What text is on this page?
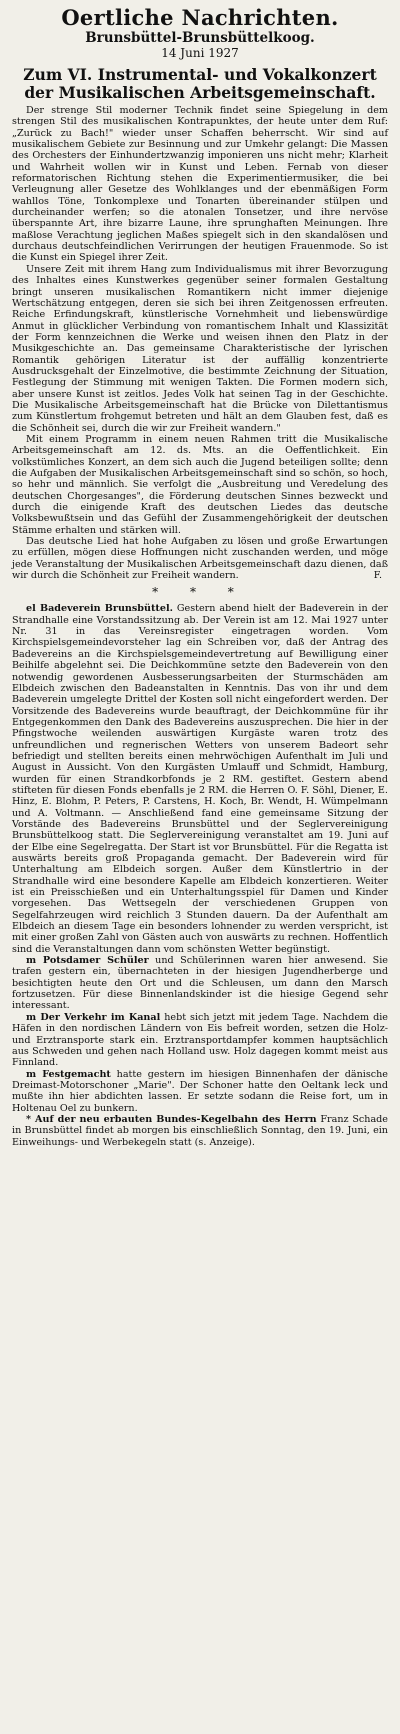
Oertliche Nachrichten.
Brunsbüttel-Brunsbüttelkoog.
14 Juni 1927
Zum VI. Instrumental- und Vokalkonzert
der Musikalischen Arbeitsgemeinschaft.

Der strenge Stil moderner Technik findet seine Spiegelung in dem strengen Stil des musikalischen Kontrapunktes, der heute unter dem Ruf: „Zurück zu Bach!" wieder unser Schaffen beherrscht. Wir sind auf musikalischem Gebiete zur Besinnung und zur Umkehr gelangt: Die Massen des Orchesters der Einhundertzwanzig imponieren uns nicht mehr; Klarheit und Wahrheit wollen wir in Kunst und Leben. Fernab von dieser reformatorischen Richtung stehen die Experimentiermusiker, die bei Verleugnung aller Gesetze des Wohlklanges und der ebenmäßigen Form wahllos Töne, Tonkomplexe und Tonarten übereinander stülpen und durcheinander werfen; so die atonalen Tonsetzer, und ihre nervöse überspannte Art, ihre bizarre Laune, ihre sprunghaften Meinungen. Ihre maßlose Verachtung jeglichen Maßes spiegelt sich in den skandalösen und durchaus deutschfeindlichen Verirrungen der heutigen Frauenmode. So ist die Kunst ein Spiegel ihrer Zeit.

Unsere Zeit mit ihrem Hang zum Individualismus mit ihrer Bevorzugung des Inhaltes eines Kunstwerkes gegenüber seiner formalen Gestaltung bringt unseren musikalischen Romantikern nicht immer diejenige Wertschätzung entgegen, deren sie sich bei ihren Zeitgenossen erfreuten. Reiche Erfindungskraft, künstlerische Vornehmheit und liebenswürdige Anmut in glücklicher Verbindung von romantischem Inhalt und Klassizität der Form kennzeichnen die Werke und weisen ihnen den Platz in der Musikgeschichte an. Das gemeinsame Charakteristische der lyrischen Romantik gehörigen Literatur ist der auffällig konzentrierte Ausdrucksgehalt der Einzelmotive, die bestimmte Zeichnung der Situation, Festlegung der Stimmung mit wenigen Takten. Die Formen modern sich, aber unsere Kunst ist zeitlos. Jedes Volk hat seinen Tag in der Geschichte. Die Musikalische Arbeitsgemeinschaft hat die Brücke von Dilettantismus zum Künstlertum frohgemut betreten und hält an dem Glauben fest, daß es die Schönheit sei, durch die wir zur Freiheit wandern."

Mit einem Programm in einem neuen Rahmen tritt die Musikalische Arbeitsgemeinschaft am 12. ds. Mts. an die Oeffentlichkeit. Ein volkstümliches Konzert, an dem sich auch die Jugend beteiligen sollte; denn die Aufgaben der Musikalischen Arbeitsgemeinschaft sind so schön, so hoch, so hehr und männlich. Sie verfolgt die „Ausbreitung und Veredelung des deutschen Chorgesanges", die Förderung deutschen Sinnes bezweckt und durch die einigende Kraft des deutschen Liedes das deutsche Volksbewußtsein und das Gefühl der Zusammengehörigkeit der deutschen Stämme erhalten und stärken will.

Das deutsche Lied hat hohe Aufgaben zu lösen und große Erwartungen zu erfüllen, mögen diese Hoffnungen nicht zuschanden werden, und möge jede Veranstaltung der Musikalischen Arbeitsgemeinschaft dazu dienen, daß wir durch die Schönheit zur Freiheit wandern.	F.

* * *

el Badeverein Brunsbüttel. Gestern abend hielt der Badeverein in der Strandhalle eine Vorstandssitzung ab. Der Verein ist am 12. Mai 1927 unter Nr. 31 in das Vereinsregister eingetragen worden. Vom Kirchspielsgemeindevorsteher lag ein Schreiben vor, daß der Antrag des Badevereins an die Kirchspielsgemeindevertretung auf Bewilligung einer Beihilfe abgelehnt sei. Die Deichkommüne setzte den Badeverein von den notwendig gewordenen Ausbesserungsarbeiten der Sturmschäden am Elbdeich zwischen den Badeanstalten in Kenntnis. Das von ihr und dem Badeverein umgelegte Drittel der Kosten soll nicht eingefordert werden. Der Vorsitzende des Badevereins wurde beauftragt, der Deichkommüne für ihr Entgegenkommen den Dank des Badevereins auszusprechen. Die hier in der Pfingstwoche weilenden auswärtigen Kurgäste waren trotz des unfreundlichen und regnerischen Wetters von unserem Badeort sehr befriedigt und stellten bereits einen mehrwöchigen Aufenthalt im Juli und August in Aussicht. Von den Kurgästen Umlauff und Schmidt, Hamburg, wurden für einen Strandkorbfonds je 2 RM. gestiftet. Gestern abend stifteten für diesen Fonds ebenfalls je 2 RM. die Herren O. F. Söhl, Diener, E. Hinz, E. Blohm, P. Peters, P. Carstens, H. Koch, Br. Wendt, H. Wümpelmann und A. Voltmann. — Anschließend fand eine gemeinsame Sitzung der Vorstände des Badevereins Brunsbüttel und der Seglervereinigung Brunsbüttelkoog statt. Die Seglervereinigung veranstaltet am 19. Juni auf der Elbe eine Segelregatta. Der Start ist vor Brunsbüttel. Für die Regatta ist auswärts bereits groß Propaganda gemacht. Der Badeverein wird für Unterhaltung am Elbdeich sorgen. Außer dem Künstlertrio in der Strandhalle wird eine besondere Kapelle am Elbdeich konzertieren. Weiter ist ein Preisschießen und ein Unterhaltungsspiel für Damen und Kinder vorgesehen. Das Wettsegeln der verschiedenen Gruppen von Segelfahrzeugen wird reichlich 3 Stunden dauern. Da der Aufenthalt am Elbdeich an diesem Tage ein besonders lohnender zu werden verspricht, ist mit einer großen Zahl von Gästen auch von auswärts zu rechnen. Hoffentlich sind die Veranstaltungen dann vom schönsten Wetter begünstigt.

m Potsdamer Schüler und Schülerinnen waren hier anwesend. Sie trafen gestern ein, übernachteten in der hiesigen Jugendherberge und besichtigten heute den Ort und die Schleusen, um dann den Marsch fortzusetzen. Für diese Binnenlandskinder ist die hiesige Gegend sehr interessant.

m Der Verkehr im Kanal hebt sich jetzt mit jedem Tage. Nachdem die Häfen in den nordischen Ländern von Eis befreit worden, setzen die Holz- und Erztransporte stark ein. Erztransportdampfer kommen hauptsächlich aus Schweden und gehen nach Holland usw. Holz dagegen kommt meist aus Finnland.

m Festgemacht hatte gestern im hiesigen Binnenhafen der dänische Dreimast-Motorschoner „Marie". Der Schoner hatte den Oeltank leck und mußte ihn hier abdichten lassen. Er setzte sodann die Reise fort, um in Holtenau Oel zu bunkern.

* Auf der neu erbauten Bundes-Kegelbahn des Herrn Franz Schade in Brunsbüttel findet ab morgen bis einschließlich Sonntag, den 19. Juni, ein Einweihungs- und Werbekegeln statt (s. Anzeige).
